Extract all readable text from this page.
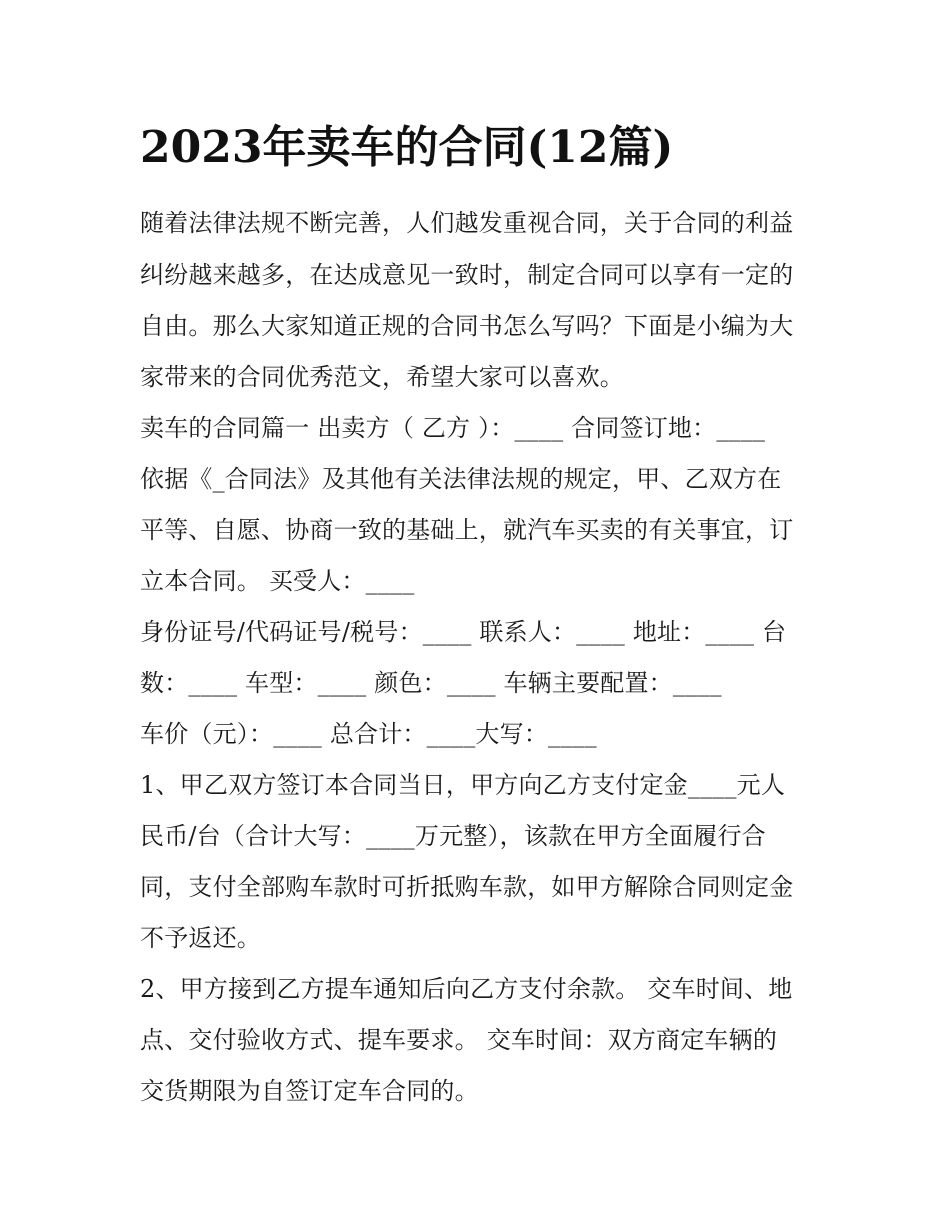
2023年卖车的合同(12篇)

随着法律法规不断完善，人们越发重视合同，关于合同的利益

纠纷越来越多，在达成意见一致时，制定合同可以享有一定的

自由。那么大家知道正规的合同书怎么写吗？下面是小编为大

家带来的合同优秀范文，希望大家可以喜欢。

卖车的合同篇一 出卖方（ 乙方 ）：____ 合同签订地：____

依据《_合同法》及其他有关法律法规的规定，甲、乙双方在

平等、自愿、协商一致的基础上，就汽车买卖的有关事宜，订

立本合同。 买受人：____

身份证号/代码证号/税号：____ 联系人：____ 地址：____ 台

数：____ 车型：____ 颜色：____ 车辆主要配置：____

车价（元）：____ 总合计：____大写：____

1、甲乙双方签订本合同当日，甲方向乙方支付定金____元人

民币/台（合计大写：____万元整），该款在甲方全面履行合

同，支付全部购车款时可折抵购车款，如甲方解除合同则定金

不予返还。

2、甲方接到乙方提车通知后向乙方支付余款。 交车时间、地

点、交付验收方式、提车要求。 交车时间：双方商定车辆的

交货期限为自签订定车合同的。
